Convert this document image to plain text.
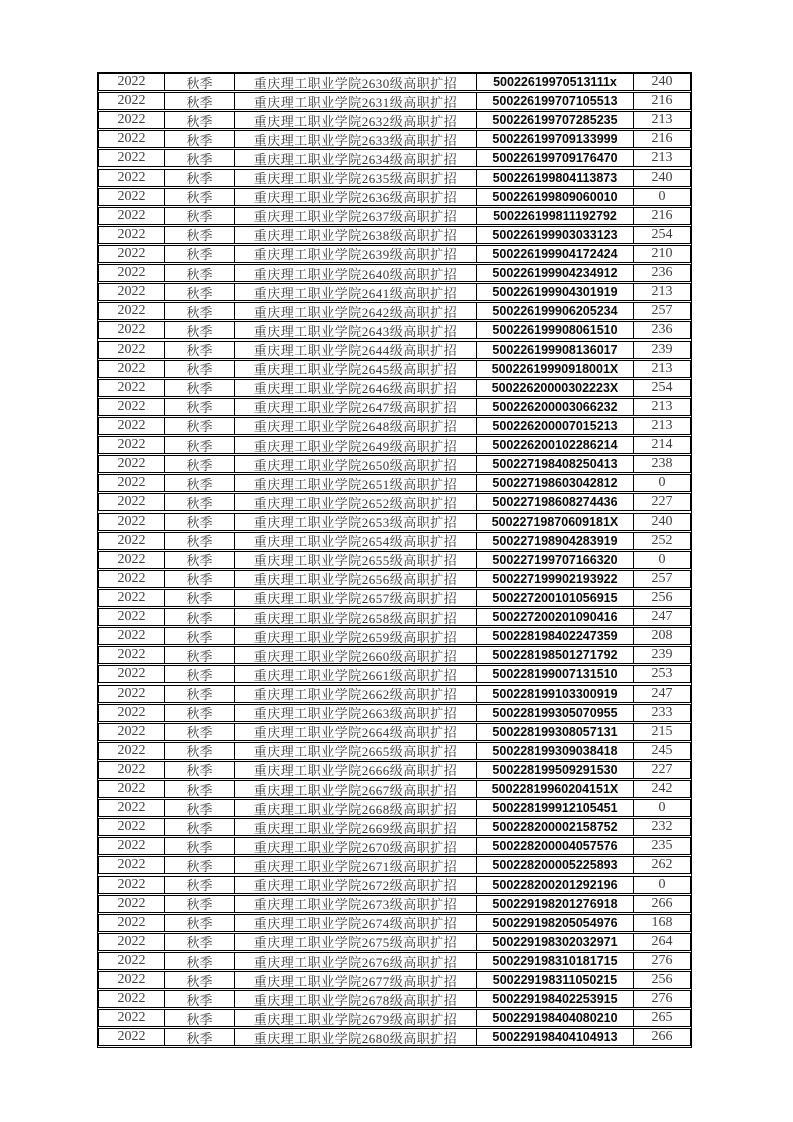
2022	秋季	重庆理工职业学院2630级高职扩招	50022619970513111x	240
2022	秋季	重庆理工职业学院2631级高职扩招	500226199707105513	216
2022	秋季	重庆理工职业学院2632级高职扩招	500226199707285235	213
2022	秋季	重庆理工职业学院2633级高职扩招	500226199709133999	216
2022	秋季	重庆理工职业学院2634级高职扩招	500226199709176470	213
2022	秋季	重庆理工职业学院2635级高职扩招	500226199804113873	240
2022	秋季	重庆理工职业学院2636级高职扩招	500226199809060010	0
2022	秋季	重庆理工职业学院2637级高职扩招	500226199811192792	216
2022	秋季	重庆理工职业学院2638级高职扩招	500226199903033123	254
2022	秋季	重庆理工职业学院2639级高职扩招	500226199904172424	210
2022	秋季	重庆理工职业学院2640级高职扩招	500226199904234912	236
2022	秋季	重庆理工职业学院2641级高职扩招	500226199904301919	213
2022	秋季	重庆理工职业学院2642级高职扩招	500226199906205234	257
2022	秋季	重庆理工职业学院2643级高职扩招	500226199908061510	236
2022	秋季	重庆理工职业学院2644级高职扩招	500226199908136017	239
2022	秋季	重庆理工职业学院2645级高职扩招	50022619990918001X	213
2022	秋季	重庆理工职业学院2646级高职扩招	50022620000302223X	254
2022	秋季	重庆理工职业学院2647级高职扩招	500226200003066232	213
2022	秋季	重庆理工职业学院2648级高职扩招	500226200007015213	213
2022	秋季	重庆理工职业学院2649级高职扩招	500226200102286214	214
2022	秋季	重庆理工职业学院2650级高职扩招	500227198408250413	238
2022	秋季	重庆理工职业学院2651级高职扩招	500227198603042812	0
2022	秋季	重庆理工职业学院2652级高职扩招	500227198608274436	227
2022	秋季	重庆理工职业学院2653级高职扩招	50022719870609181X	240
2022	秋季	重庆理工职业学院2654级高职扩招	500227198904283919	252
2022	秋季	重庆理工职业学院2655级高职扩招	500227199707166320	0
2022	秋季	重庆理工职业学院2656级高职扩招	500227199902193922	257
2022	秋季	重庆理工职业学院2657级高职扩招	500227200101056915	256
2022	秋季	重庆理工职业学院2658级高职扩招	500227200201090416	247
2022	秋季	重庆理工职业学院2659级高职扩招	500228198402247359	208
2022	秋季	重庆理工职业学院2660级高职扩招	500228198501271792	239
2022	秋季	重庆理工职业学院2661级高职扩招	500228199007131510	253
2022	秋季	重庆理工职业学院2662级高职扩招	500228199103300919	247
2022	秋季	重庆理工职业学院2663级高职扩招	500228199305070955	233
2022	秋季	重庆理工职业学院2664级高职扩招	500228199308057131	215
2022	秋季	重庆理工职业学院2665级高职扩招	500228199309038418	245
2022	秋季	重庆理工职业学院2666级高职扩招	500228199509291530	227
2022	秋季	重庆理工职业学院2667级高职扩招	50022819960204151X	242
2022	秋季	重庆理工职业学院2668级高职扩招	500228199912105451	0
2022	秋季	重庆理工职业学院2669级高职扩招	500228200002158752	232
2022	秋季	重庆理工职业学院2670级高职扩招	500228200004057576	235
2022	秋季	重庆理工职业学院2671级高职扩招	500228200005225893	262
2022	秋季	重庆理工职业学院2672级高职扩招	500228200201292196	0
2022	秋季	重庆理工职业学院2673级高职扩招	500229198201276918	266
2022	秋季	重庆理工职业学院2674级高职扩招	500229198205054976	168
2022	秋季	重庆理工职业学院2675级高职扩招	500229198302032971	264
2022	秋季	重庆理工职业学院2676级高职扩招	500229198310181715	276
2022	秋季	重庆理工职业学院2677级高职扩招	500229198311050215	256
2022	秋季	重庆理工职业学院2678级高职扩招	500229198402253915	276
2022	秋季	重庆理工职业学院2679级高职扩招	500229198404080210	265
2022	秋季	重庆理工职业学院2680级高职扩招	500229198404104913	266
